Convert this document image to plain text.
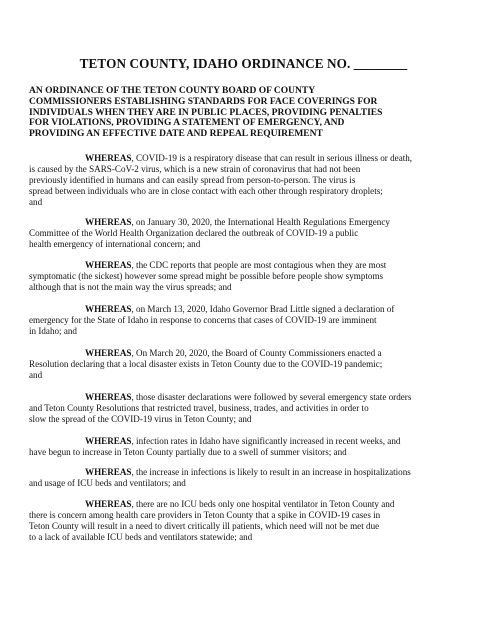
TETON COUNTY, IDAHO ORDINANCE NO. ________
AN ORDINANCE OF THE TETON COUNTY BOARD OF COUNTY
COMMISSIONERS ESTABLISHING STANDARDS FOR FACE COVERINGS FOR
INDIVIDUALS WHEN THEY ARE IN PUBLIC PLACES, PROVIDING PENALTIES
FOR VIOLATIONS, PROVIDING A STATEMENT OF EMERGENCY, AND
PROVIDING AN EFFECTIVE DATE AND REPEAL REQUIREMENT
WHEREAS, COVID-19 is a respiratory disease that can result in serious illness or death,
is caused by the SARS-CoV-2 virus, which is a new strain of coronavirus that had not been
previously identified in humans and can easily spread from person-to-person. The virus is
spread between individuals who are in close contact with each other through respiratory droplets;
and
WHEREAS, on January 30, 2020, the International Health Regulations Emergency
Committee of the World Health Organization declared the outbreak of COVID-19 a public
health emergency of international concern; and
WHEREAS, the CDC reports that people are most contagious when they are most
symptomatic (the sickest) however some spread might be possible before people show symptoms
although that is not the main way the virus spreads; and
WHEREAS, on March 13, 2020, Idaho Governor Brad Little signed a declaration of
emergency for the State of Idaho in response to concerns that cases of COVID-19 are imminent
in Idaho; and
WHEREAS, On March 20, 2020, the Board of County Commissioners enacted a
Resolution declaring that a local disaster exists in Teton County due to the COVID-19 pandemic;
and
WHEREAS, those disaster declarations were followed by several emergency state orders
and Teton County Resolutions that restricted travel, business, trades, and activities in order to
slow the spread of the COVID-19 virus in Teton County; and
WHEREAS, infection rates in Idaho have significantly increased in recent weeks, and
have begun to increase in Teton County partially due to a swell of summer visitors; and
WHEREAS, the increase in infections is likely to result in an increase in hospitalizations
and usage of ICU beds and ventilators; and
WHEREAS, there are no ICU beds only one hospital ventilator in Teton County and
there is concern among health care providers in Teton County that a spike in COVID-19 cases in
Teton County will result in a need to divert critically ill patients, which need will not be met due
to a lack of available ICU beds and ventilators statewide; and
